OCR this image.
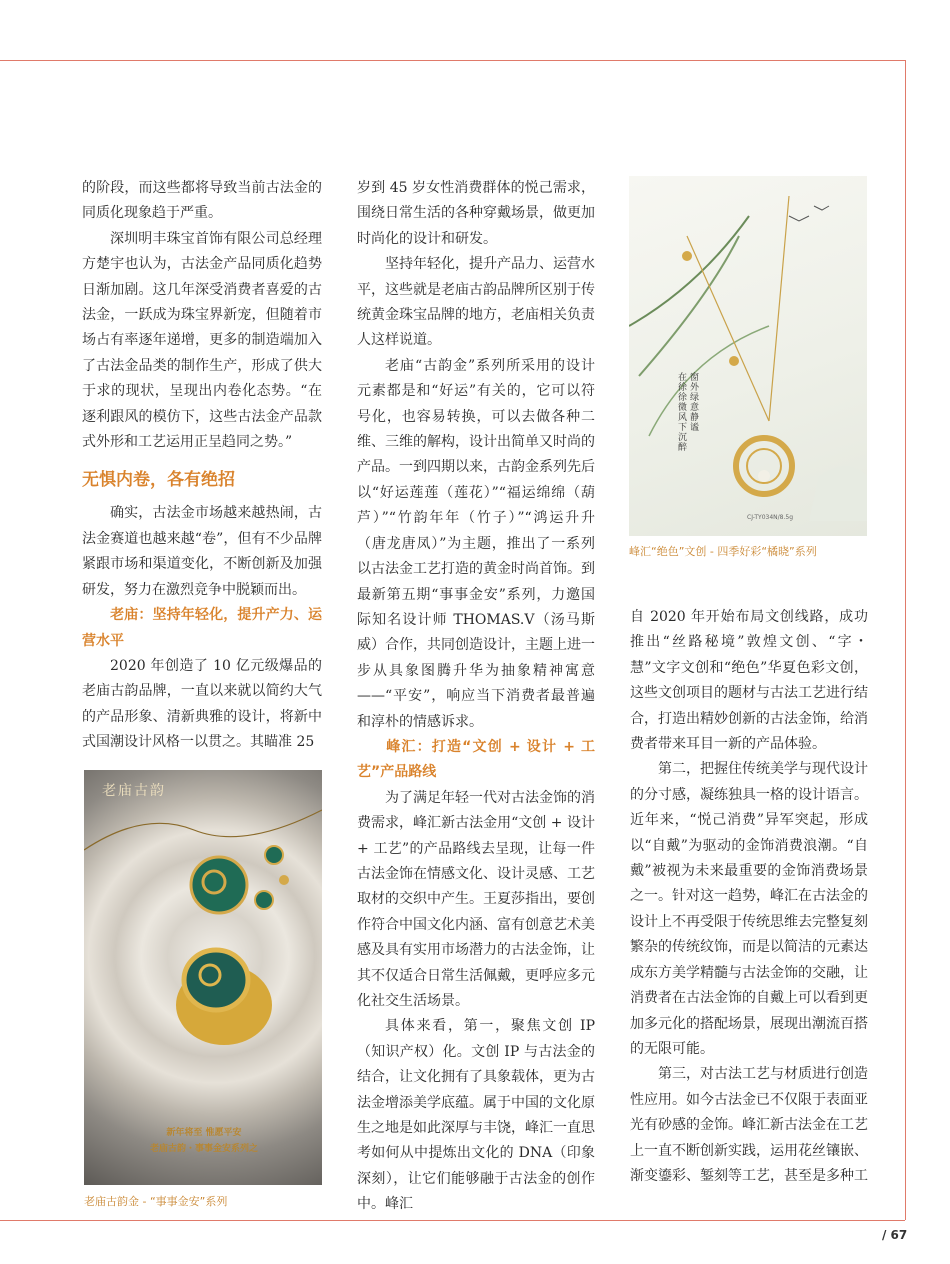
的阶段，而这些都将导致当前古法金的同质化现象趋于严重。

深圳明丰珠宝首饰有限公司总经理方楚宇也认为，古法金产品同质化趋势日渐加剧。这几年深受消费者喜爱的古法金，一跃成为珠宝界新宠，但随着市场占有率逐年递增，更多的制造端加入了古法金品类的制作生产，形成了供大于求的现状，呈现出内卷化态势。“在逐利跟风的模仿下，这些古法金产品款式外形和工艺运用正呈趋同之势。”

无惧内卷，各有绝招

确实，古法金市场越来越热闹，古法金赛道也越来越“卷”，但有不少品牌紧跟市场和渠道变化，不断创新及加强研发，努力在激烈竞争中脱颖而出。

老庙：坚持年轻化，提升产力、运营水平

2020 年创造了 10 亿元级爆品的老庙古韵品牌，一直以来就以简约大气的产品形象、清新典雅的设计，将新中式国潮设计风格一以贯之。其瞄准 25

岁到 45 岁女性消费群体的悦己需求，围绕日常生活的各种穿戴场景，做更加时尚化的设计和研发。

坚持年轻化，提升产品力、运营水平，这些就是老庙古韵品牌所区别于传统黄金珠宝品牌的地方，老庙相关负责人这样说道。

老庙“古韵金”系列所采用的设计元素都是和“好运”有关的，它可以符号化，也容易转换，可以去做各种二维、三维的解构，设计出简单又时尚的产品。一到四期以来，古韵金系列先后以“好运莲莲（莲花）”“福运绵绵（葫芦）”“竹韵年年（竹子）”“鸿运升升（唐龙唐凤）”为主题，推出了一系列以古法金工艺打造的黄金时尚首饰。到最新第五期“事事金安”系列，力邀国际知名设计师 THOMAS.V（汤马斯威）合作，共同创造设计，主题上进一步从具象图腾升华为抽象精神寓意——“平安”，响应当下消费者最普遍和淳朴的情感诉求。

峰汇：打造“文创 + 设计 + 工艺”产品路线

为了满足年轻一代对古法金饰的消费需求，峰汇新古法金用“文创 + 设计 + 工艺”的产品路线去呈现，让每一件古法金饰在情感文化、设计灵感、工艺取材的交织中产生。王夏莎指出，要创作符合中国文化内涵、富有创意艺术美感及具有实用市场潜力的古法金饰，让其不仅适合日常生活佩戴，更呼应多元化社交生活场景。

具体来看，第一，聚焦文创 IP（知识产权）化。文创 IP 与古法金的结合，让文化拥有了具象载体，更为古法金增添美学底蕴。属于中国的文化原生之地是如此深厚与丰饶，峰汇一直思考如何从中提炼出文化的 DNA（印象深刻），让它们能够融于古法金的创作中。峰汇

自 2020 年开始布局文创线路，成功推出“丝路秘境”敦煌文创、“字・慧”文字文创和“绝色”华夏色彩文创，这些文创项目的题材与古法工艺进行结合，打造出精妙创新的古法金饰，给消费者带来耳目一新的产品体验。

第二，把握住传统美学与现代设计的分寸感，凝练独具一格的设计语言。近年来，“悦己消费”异军突起，形成以“自戴”为驱动的金饰消费浪潮。“自戴”被视为未来最重要的金饰消费场景之一。针对这一趋势，峰汇在古法金的设计上不再受限于传统思维去完整复刻繁杂的传统纹饰，而是以简洁的元素达成东方美学精髓与古法金饰的交融，让消费者在古法金饰的自戴上可以看到更加多元化的搭配场景，展现出潮流百搭的无限可能。

第三，对古法工艺与材质进行创造性应用。如今古法金已不仅限于表面亚光有砂感的金饰。峰汇新古法金在工艺上一直不断创新实践，运用花丝镶嵌、渐变鎏彩、錾刻等工艺，甚至是多种工

老庙古韵
新年将至 惟愿平安
老庙古韵・事事金安系列之
老庙古韵金 - “事事金安”系列
窗外绿意静谧
在徐徐微风下沉醉
CJ-TY034N/8.5g
峰汇“绝色”文创 - 四季好彩“橘晓”系列
/ 67
